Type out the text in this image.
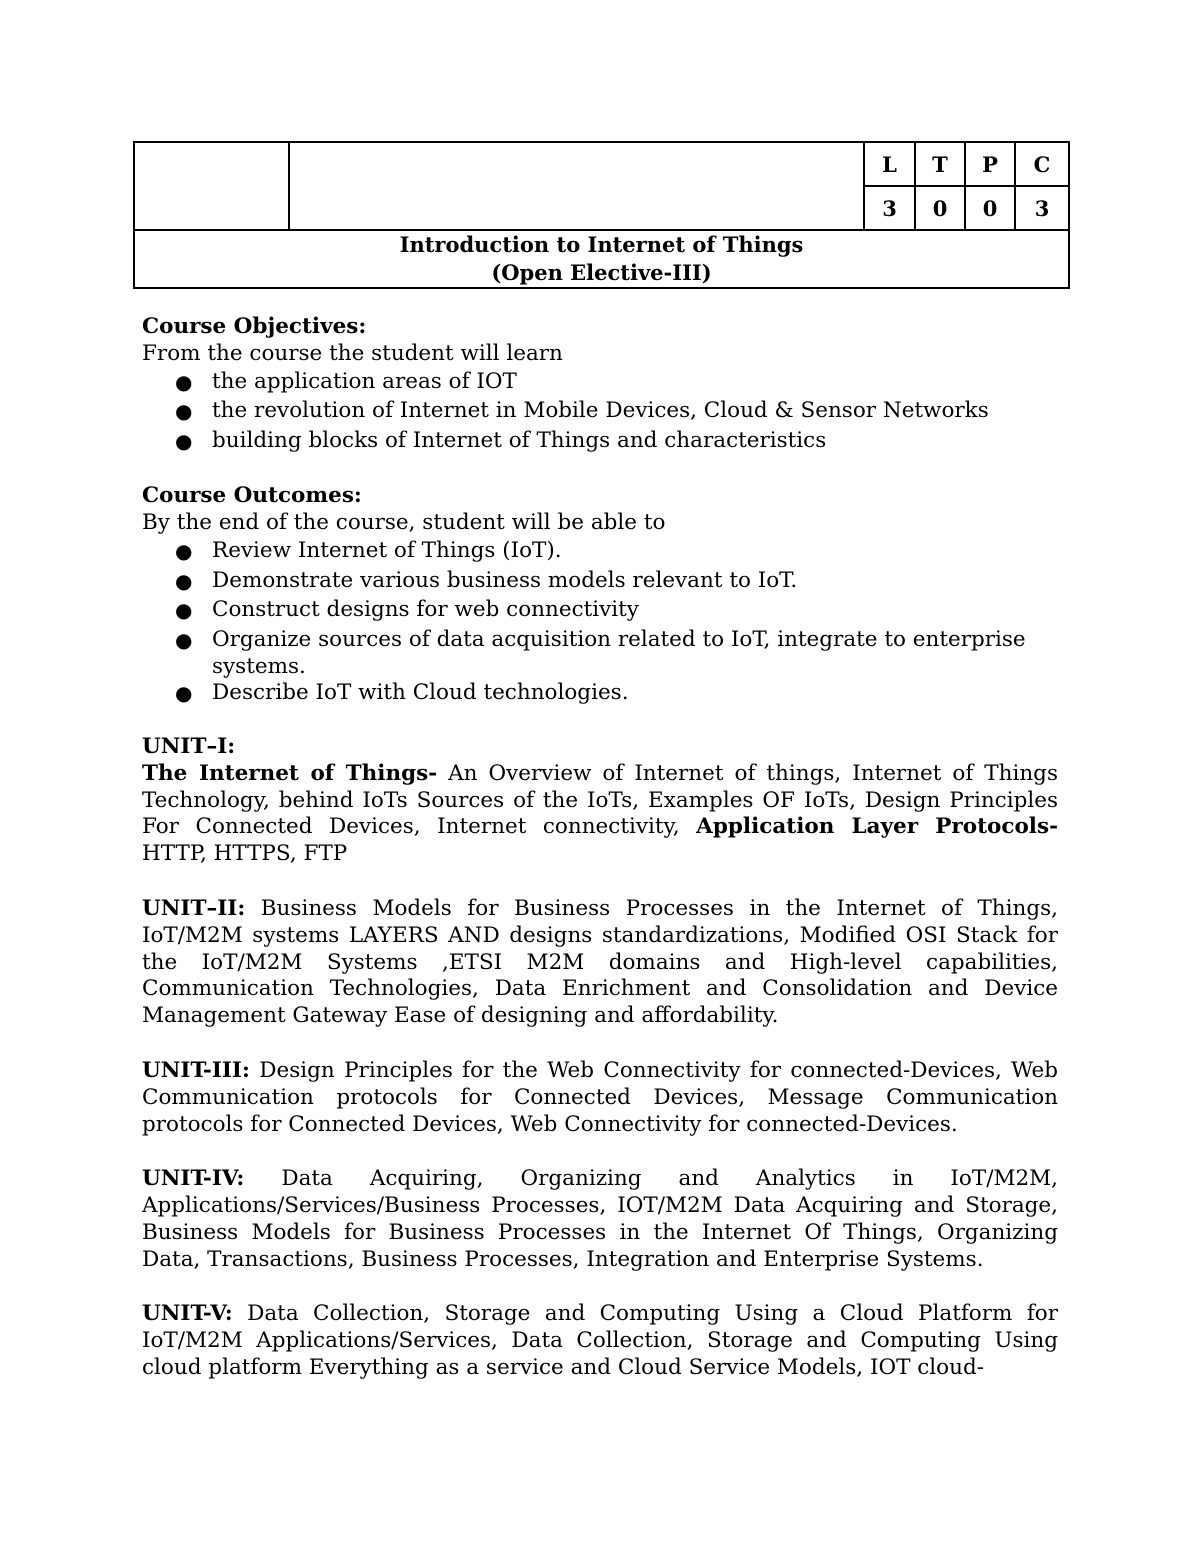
		L	T	P	C
		3	0	0	3

Introduction to Internet of Things
(Open Elective-III)					

Course Objectives:

From the course the student will learn

● the application areas of IOT
● the revolution of Internet in Mobile Devices, Cloud & Sensor Networks
● building blocks of Internet of Things and characteristics

Course Outcomes:

By the end of the course, student will be able to

● Review Internet of Things (IoT).
● Demonstrate various business models relevant to IoT.
● Construct designs for web connectivity
● Organize sources of data acquisition related to IoT, integrate to enterprise systems.
● Describe IoT with Cloud technologies.

UNIT–I:

The Internet of Things- An Overview of Internet of things, Internet of Things Technology, behind IoTs Sources of the IoTs, Examples OF IoTs, Design Principles For Connected Devices, Internet connectivity, Application Layer Protocols- HTTP, HTTPS, FTP

UNIT–II: Business Models for Business Processes in the Internet of Things, IoT/M2M systems LAYERS AND designs standardizations, Modified OSI Stack for the IoT/M2M Systems ,ETSI M2M domains and High-level capabilities, Communication Technologies, Data Enrichment and Consolidation and Device Management Gateway Ease of designing and affordability.

UNIT-III: Design Principles for the Web Connectivity for connected-Devices, Web Communication protocols for Connected Devices, Message Communication protocols for Connected Devices, Web Connectivity for connected-Devices.

UNIT-IV: Data Acquiring, Organizing and Analytics in IoT/M2M, Applications/Services/Business Processes, IOT/M2M Data Acquiring and Storage, Business Models for Business Processes in the Internet Of Things, Organizing Data, Transactions, Business Processes, Integration and Enterprise Systems.

UNIT-V: Data Collection, Storage and Computing Using a Cloud Platform for IoT/M2M Applications/Services, Data Collection, Storage and Computing Using cloud platform Everything as a service and Cloud Service Models, IOT cloud-
